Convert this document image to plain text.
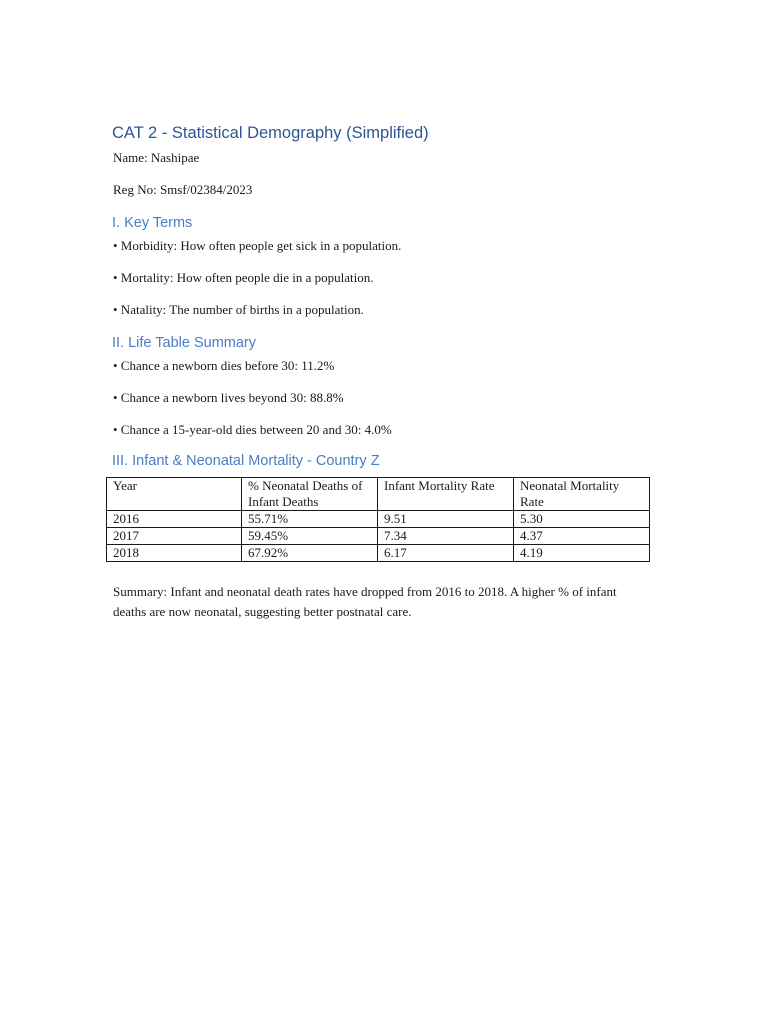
CAT 2 - Statistical Demography (Simplified)
Name: Nashipae
Reg No: Smsf/02384/2023
I. Key Terms
• Morbidity: How often people get sick in a population.
• Mortality: How often people die in a population.
• Natality: The number of births in a population.
II. Life Table Summary
• Chance a newborn dies before 30: 11.2%
• Chance a newborn lives beyond 30: 88.8%
• Chance a 15-year-old dies between 20 and 30: 4.0%
III. Infant & Neonatal Mortality - Country Z
Year	% Neonatal Deaths of Infant Deaths	Infant Mortality Rate	Neonatal Mortality Rate
2016	55.71%	9.51	5.30
2017	59.45%	7.34	4.37
2018	67.92%	6.17	4.19
Summary: Infant and neonatal death rates have dropped from 2016 to 2018. A higher % of infant deaths are now neonatal, suggesting better postnatal care.
